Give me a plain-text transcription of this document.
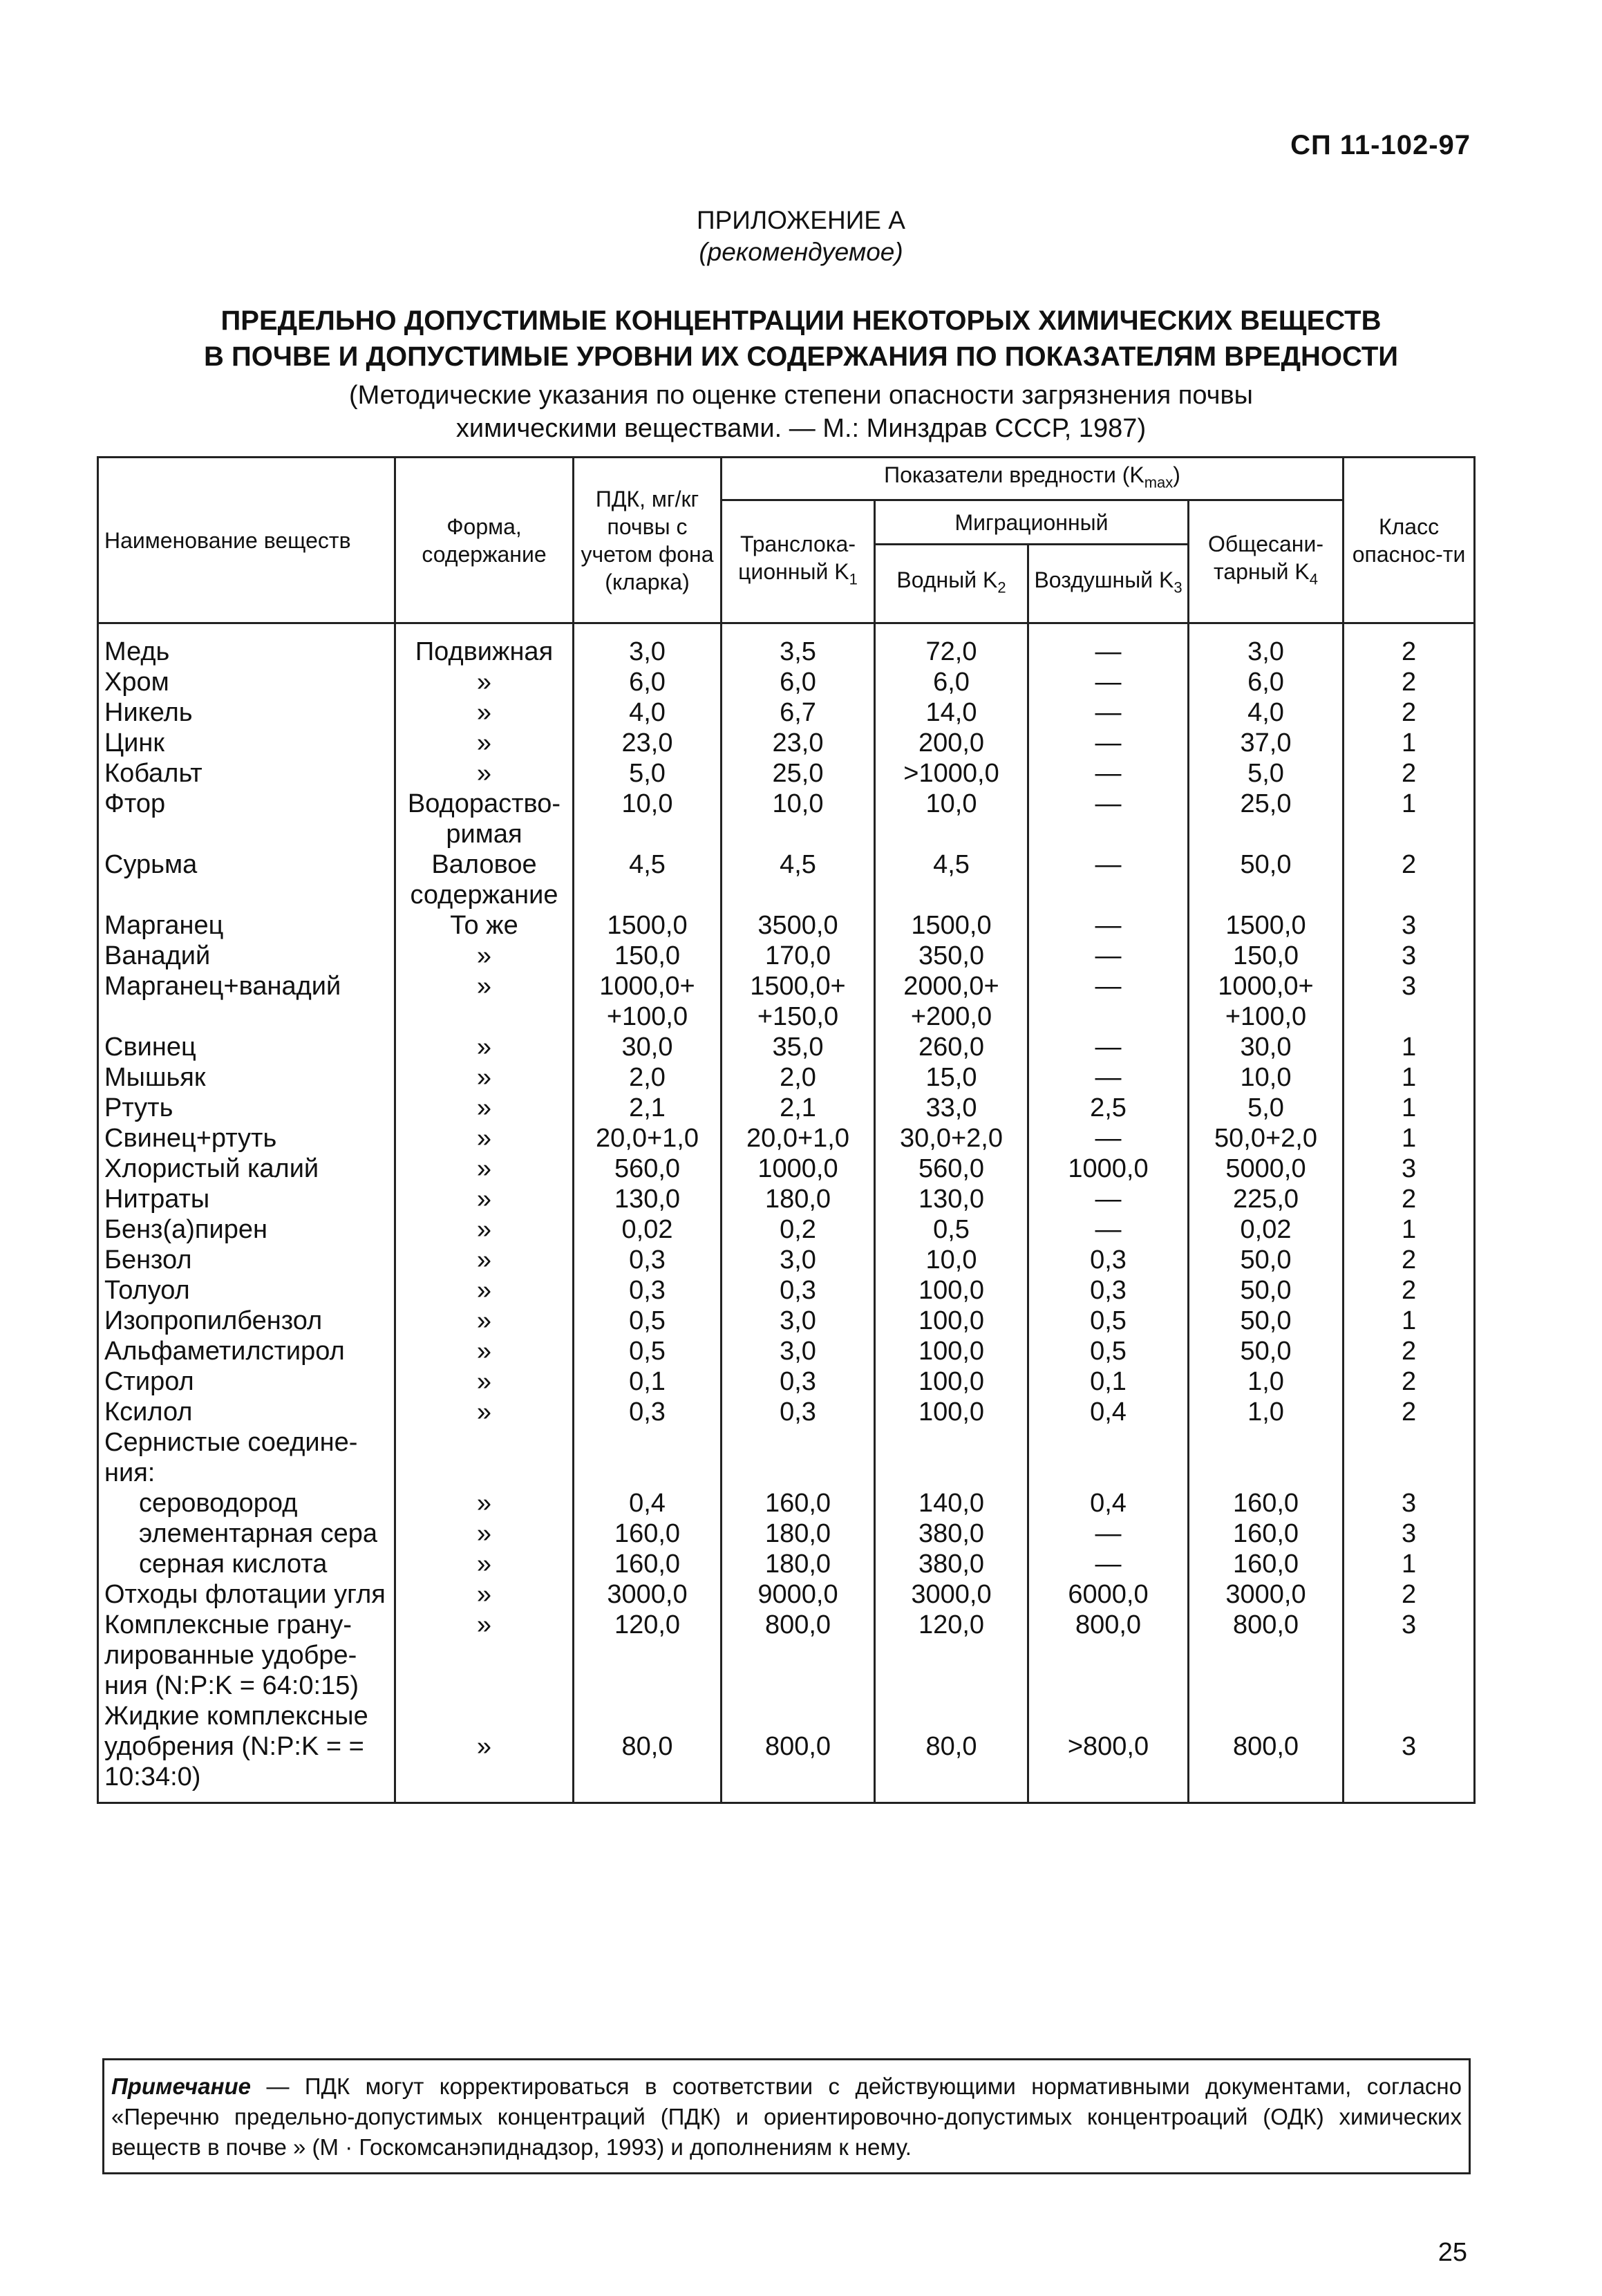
СП 11-102-97
ПРИЛОЖЕНИЕ А
(рекомендуемое)
ПРЕДЕЛЬНО ДОПУСТИМЫЕ КОНЦЕНТРАЦИИ НЕКОТОРЫХ ХИМИЧЕСКИХ ВЕЩЕСТВ
В ПОЧВЕ И ДОПУСТИМЫЕ УРОВНИ ИХ СОДЕРЖАНИЯ ПО ПОКАЗАТЕЛЯМ ВРЕДНОСТИ
(Методические указания по оценке степени опасности загрязнения почвы
химическими веществами. — М.: Минздрав СССР, 1987)
Наименование веществ	Форма, содержание	ПДК, мг/кг почвы с учетом фона (кларка)	Показатели вредности $(K_{max})$				Класс опаснос-ти
			Транслока-ционный $K_1$	Миграционный		Общесани-тарный $K_4$
				Водный $K_2$	Воздушный $K_3$
Медь	Подвижная	3,0	3,5	72,0	—	3,0	2
Хром	»	6,0	6,0	6,0	—	6,0	2
Никель	»	4,0	6,7	14,0	—	4,0	2
Цинк	»	23,0	23,0	200,0	—	37,0	1
Кобальт	»	5,0	25,0	>1000,0	—	5,0	2
Фтор	Водораство-римая	10,0	10,0	10,0	—	25,0	1
Сурьма	Валовое содержание	4,5	4,5	4,5	—	50,0	2
Марганец	То же	1500,0	3500,0	1500,0	—	1500,0	3
Ванадий	»	150,0	170,0	350,0	—	150,0	3
Марганец+ванадий	»	1000,0+ +100,0	1500,0+ +150,0	2000,0+ +200,0	—	1000,0+ +100,0	3
Свинец	»	30,0	35,0	260,0	—	30,0	1
Мышьяк	»	2,0	2,0	15,0	—	10,0	1
Ртуть	»	2,1	2,1	33,0	2,5	5,0	1
Свинец+ртуть	»	20,0+1,0	20,0+1,0	30,0+2,0	—	50,0+2,0	1
Хлористый калий	»	560,0	1000,0	560,0	1000,0	5000,0	3
Нитраты	»	130,0	180,0	130,0	—	225,0	2
Бенз(а)пирен	»	0,02	0,2	0,5	—	0,02	1
Бензол	»	0,3	3,0	10,0	0,3	50,0	2
Толуол	»	0,3	0,3	100,0	0,3	50,0	2
Изопропилбензол	»	0,5	3,0	100,0	0,5	50,0	1
Альфаметилстирол	»	0,5	3,0	100,0	0,5	50,0	2
Стирол	»	0,1	0,3	100,0	0,1	1,0	2
Ксилол	»	0,3	0,3	100,0	0,4	1,0	2
Сернистые соедине-ния:							
сероводород	»	0,4	160,0	140,0	0,4	160,0	3
элементарная сера	»	160,0	180,0	380,0	—	160,0	3
серная кислота	»	160,0	180,0	380,0	—	160,0	1
Отходы флотации угля	»	3000,0	9000,0	3000,0	6000,0	3000,0	2
Комплексные грану-лированные удобре-ния (N:P:K = 64:0:15)	»	120,0	800,0	120,0	800,0	800,0	3
Жидкие комплексные удобрения (N:P:K = = 10:34:0)	»	80,0	800,0	80,0	>800,0	800,0	3
Примечание — ПДК могут корректироваться в соответствии с действующими нормативными документами, согласно «Перечню предельно-допустимых концентраций (ПДК) и ориентировочно-допустимых концентроаций (ОДК) химических веществ в почве » (М · Госкомсанэпиднадзор, 1993) и дополнениям к нему.
25
